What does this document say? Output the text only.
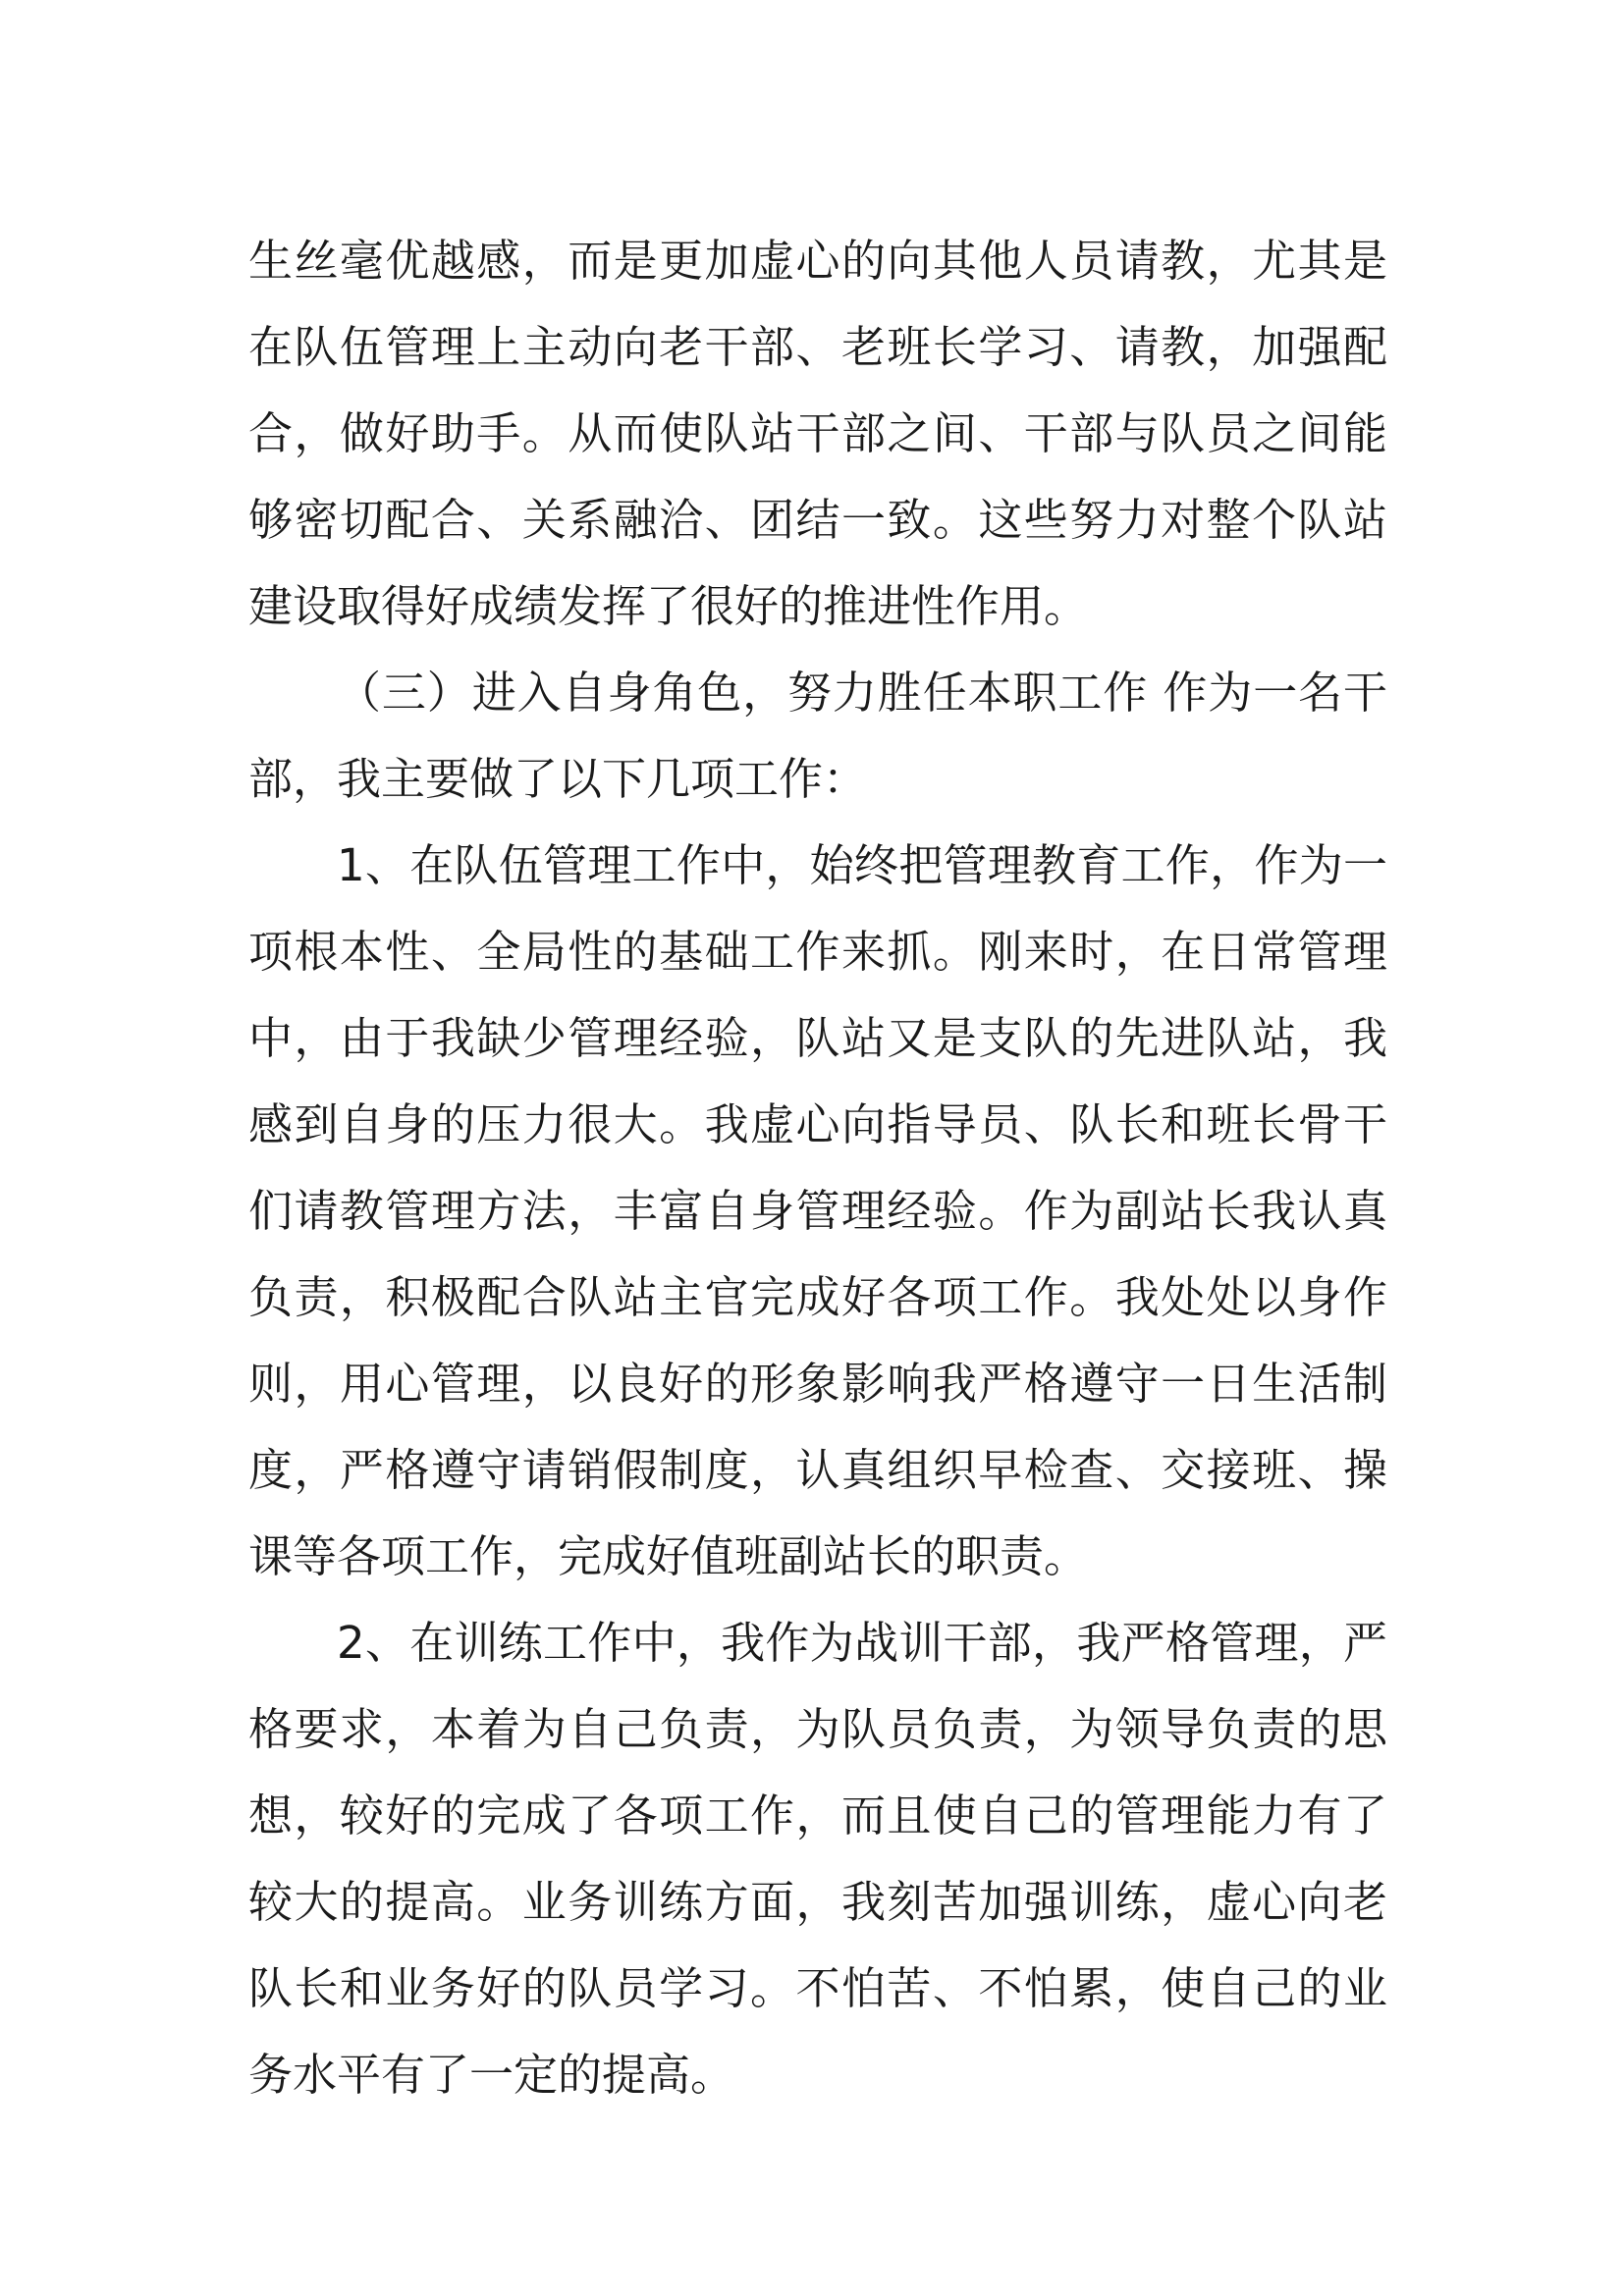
生丝毫优越感，而是更加虚心的向其他人员请教，尤其是在队伍管理上主动向老干部、老班长学习、请教，加强配合，做好助手。从而使队站干部之间、干部与队员之间能够密切配合、关系融洽、团结一致。这些努力对整个队站建设取得好成绩发挥了很好的推进性作用。

（三）进入自身角色，努力胜任本职工作 作为一名干部，我主要做了以下几项工作：

1、在队伍管理工作中，始终把管理教育工作，作为一项根本性、全局性的基础工作来抓。刚来时，在日常管理中，由于我缺少管理经验，队站又是支队的先进队站，我感到自身的压力很大。我虚心向指导员、队长和班长骨干们请教管理方法，丰富自身管理经验。作为副站长我认真负责，积极配合队站主官完成好各项工作。我处处以身作则，用心管理，以良好的形象影响我严格遵守一日生活制度，严格遵守请销假制度，认真组织早检查、交接班、操课等各项工作，完成好值班副站长的职责。

2、在训练工作中，我作为战训干部，我严格管理，严格要求，本着为自己负责，为队员负责，为领导负责的思想，较好的完成了各项工作，而且使自己的管理能力有了较大的提高。业务训练方面，我刻苦加强训练，虚心向老队长和业务好的队员学习。不怕苦、不怕累，使自己的业务水平有了一定的提高。
